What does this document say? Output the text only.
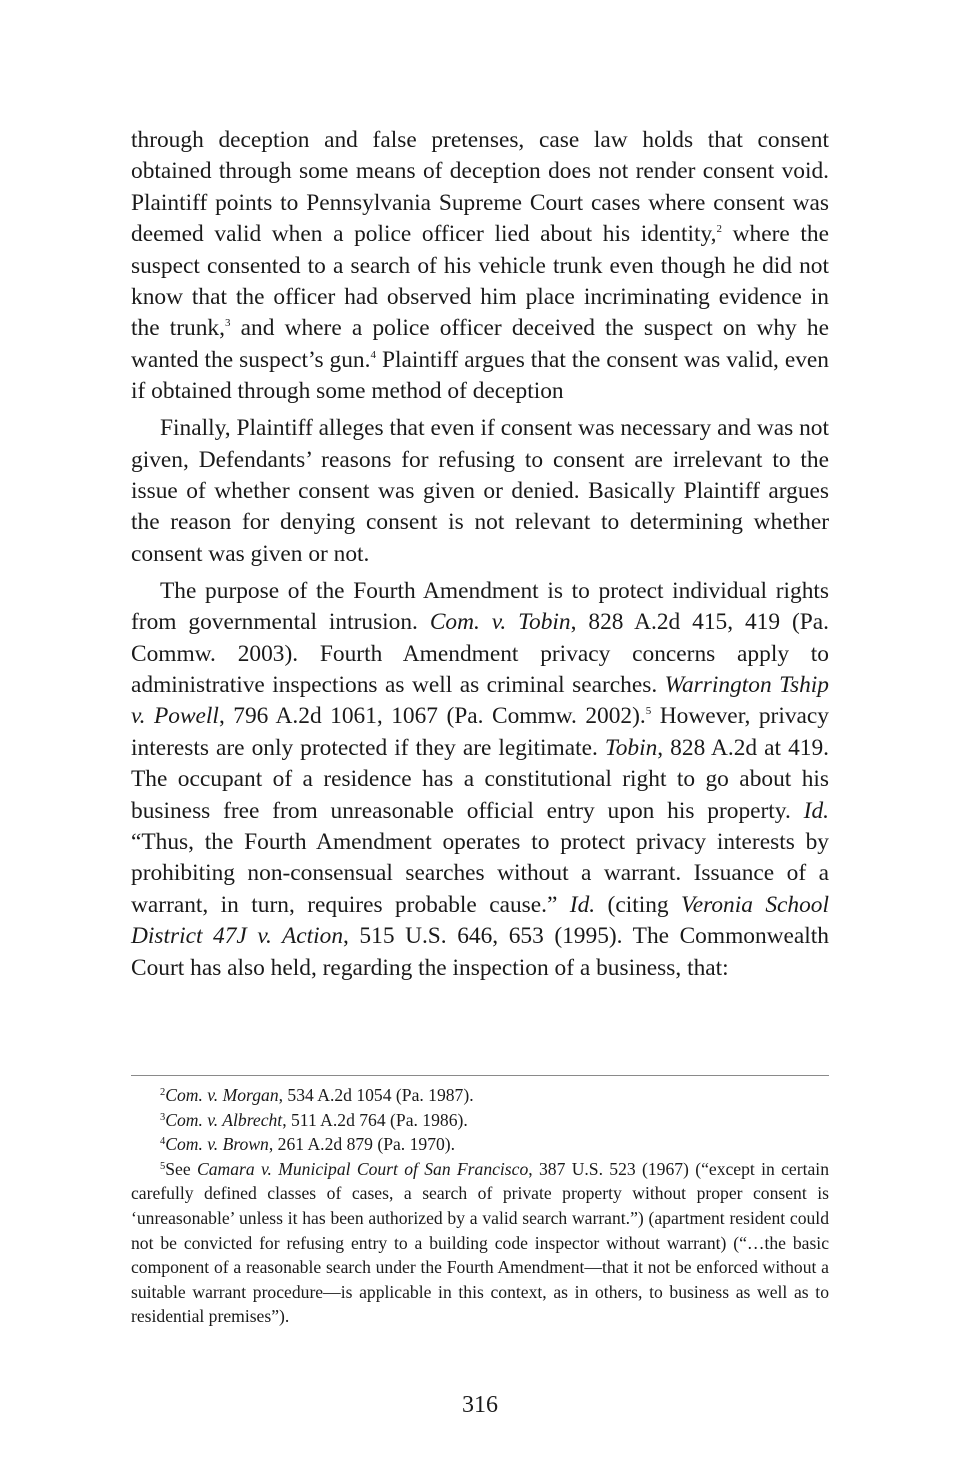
through deception and false pretenses, case law holds that consent obtained through some means of deception does not render consent void. Plaintiff points to Pennsylvania Supreme Court cases where consent was deemed valid when a police officer lied about his identity,$^2$ where the suspect consented to a search of his vehicle trunk even though he did not know that the officer had observed him place incriminating evidence in the trunk,$^3$ and where a police officer deceived the suspect on why he wanted the suspect’s gun.$^4$ Plaintiff argues that the consent was valid, even if obtained through some method of deception

Finally, Plaintiff alleges that even if consent was necessary and was not given, Defendants’ reasons for refusing to consent are irrelevant to the issue of whether consent was given or denied. Basically Plaintiff argues the reason for denying consent is not relevant to determining whether consent was given or not.

The purpose of the Fourth Amendment is to protect individual rights from governmental intrusion. Com. v. Tobin, 828 A.2d 415, 419 (Pa. Commw. 2003). Fourth Amendment privacy concerns apply to administrative inspections as well as criminal searches. Warrington Tship v. Powell, 796 A.2d 1061, 1067 (Pa. Commw. 2002).$^5$ However, privacy interests are only protected if they are legitimate. Tobin, 828 A.2d at 419. The occupant of a residence has a constitutional right to go about his business free from unreasonable official entry upon his property. Id. “Thus, the Fourth Amendment operates to protect privacy interests by prohibiting non-consensual searches without a warrant. Issuance of a warrant, in turn, requires probable cause.” Id. (citing Veronia School District 47J v. Action, 515 U.S. 646, 653 (1995). The Commonwealth Court has also held, regarding the inspection of a business, that:

$^2$Com. v. Morgan, 534 A.2d 1054 (Pa. 1987).

$^3$Com. v. Albrecht, 511 A.2d 764 (Pa. 1986).

$^4$Com. v. Brown, 261 A.2d 879 (Pa. 1970).

$^5$See Camara v. Municipal Court of San Francisco, 387 U.S. 523 (1967) (“except in certain carefully defined classes of cases, a search of private property without proper consent is ‘unreasonable’ unless it has been authorized by a valid search warrant.”) (apartment resident could not be convicted for refusing entry to a building code inspector without warrant) (“…the basic component of a reasonable search under the Fourth Amendment—that it not be enforced without a suitable warrant procedure—is applicable in this context, as in others, to business as well as to residential premises”).

316
